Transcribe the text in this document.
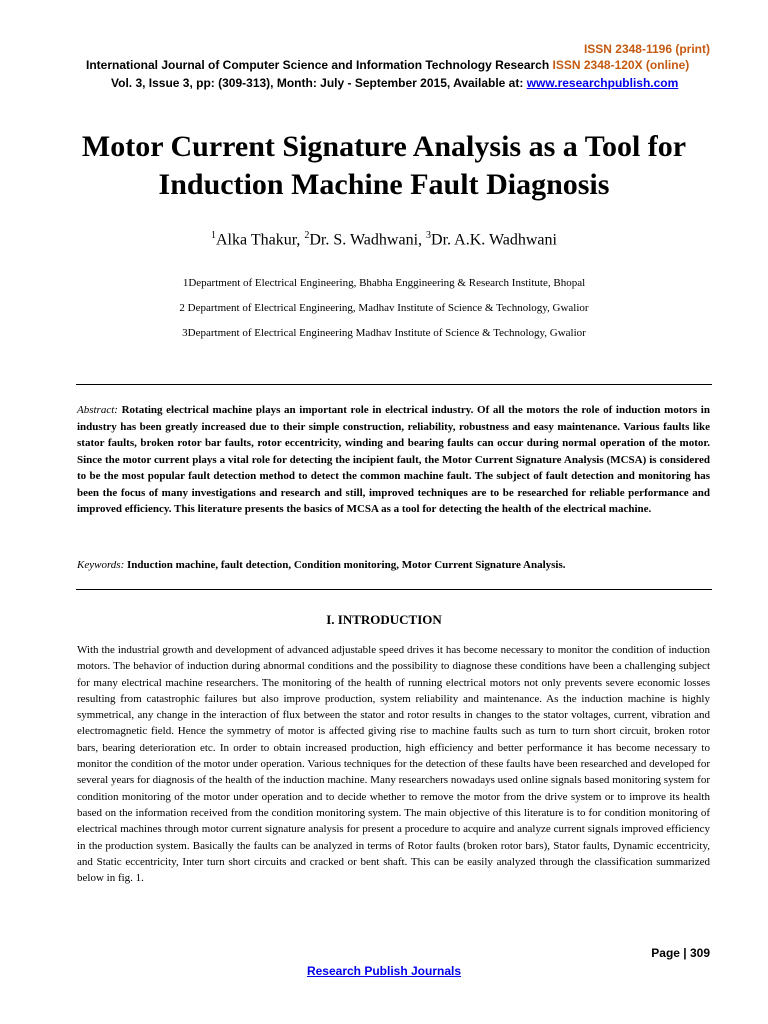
ISSN 2348-1196 (print)
International Journal of Computer Science and Information Technology Research ISSN 2348-120X (online)
Vol. 3, Issue 3, pp: (309-313), Month: July - September 2015, Available at: www.researchpublish.com
Motor Current Signature Analysis as a Tool for
Induction Machine Fault Diagnosis
$^1$Alka Thakur, $^2$Dr. S. Wadhwani, $^3$Dr. A.K. Wadhwani
1Department of Electrical Engineering, Bhabha Enggineering & Research Institute, Bhopal
2 Department of Electrical Engineering, Madhav Institute of Science & Technology, Gwalior
3Department of Electrical Engineering Madhav Institute of Science & Technology, Gwalior
Abstract: Rotating electrical machine plays an important role in electrical industry. Of all the motors the role of induction motors in industry has been greatly increased due to their simple construction, reliability, robustness and easy maintenance. Various faults like stator faults, broken rotor bar faults, rotor eccentricity, winding and bearing faults can occur during normal operation of the motor. Since the motor current plays a vital role for detecting the incipient fault, the Motor Current Signature Analysis (MCSA) is considered to be the most popular fault detection method to detect the common machine fault. The subject of fault detection and monitoring has been the focus of many investigations and research and still, improved techniques are to be researched for reliable performance and improved efficiency. This literature presents the basics of MCSA as a tool for detecting the health of the electrical machine.
Keywords: Induction machine, fault detection, Condition monitoring, Motor Current Signature Analysis.
I. INTRODUCTION
With the industrial growth and development of advanced adjustable speed drives it has become necessary to monitor the condition of induction motors. The behavior of induction during abnormal conditions and the possibility to diagnose these conditions have been a challenging subject for many electrical machine researchers. The monitoring of the health of running electrical motors not only prevents severe economic losses resulting from catastrophic failures but also improve production, system reliability and maintenance. As the induction machine is highly symmetrical, any change in the interaction of flux between the stator and rotor results in changes to the stator voltages, current, vibration and electromagnetic field. Hence the symmetry of motor is affected giving rise to machine faults such as turn to turn short circuit, broken rotor bars, bearing deterioration etc. In order to obtain increased production, high efficiency and better performance it has become necessary to monitor the condition of the motor under operation. Various techniques for the detection of these faults have been researched and developed for several years for diagnosis of the health of the induction machine. Many researchers nowadays used online signals based monitoring system for condition monitoring of the motor under operation and to decide whether to remove the motor from the drive system or to improve its health based on the information received from the condition monitoring system. The main objective of this literature is to for condition monitoring of electrical machines through motor current signature analysis for present a procedure to acquire and analyze current signals improved efficiency in the production system. Basically the faults can be analyzed in terms of Rotor faults (broken rotor bars), Stator faults, Dynamic eccentricity, and Static eccentricity, Inter turn short circuits and cracked or bent shaft. This can be easily analyzed through the classification summarized below in fig. 1.
Page | 309
Research Publish Journals
